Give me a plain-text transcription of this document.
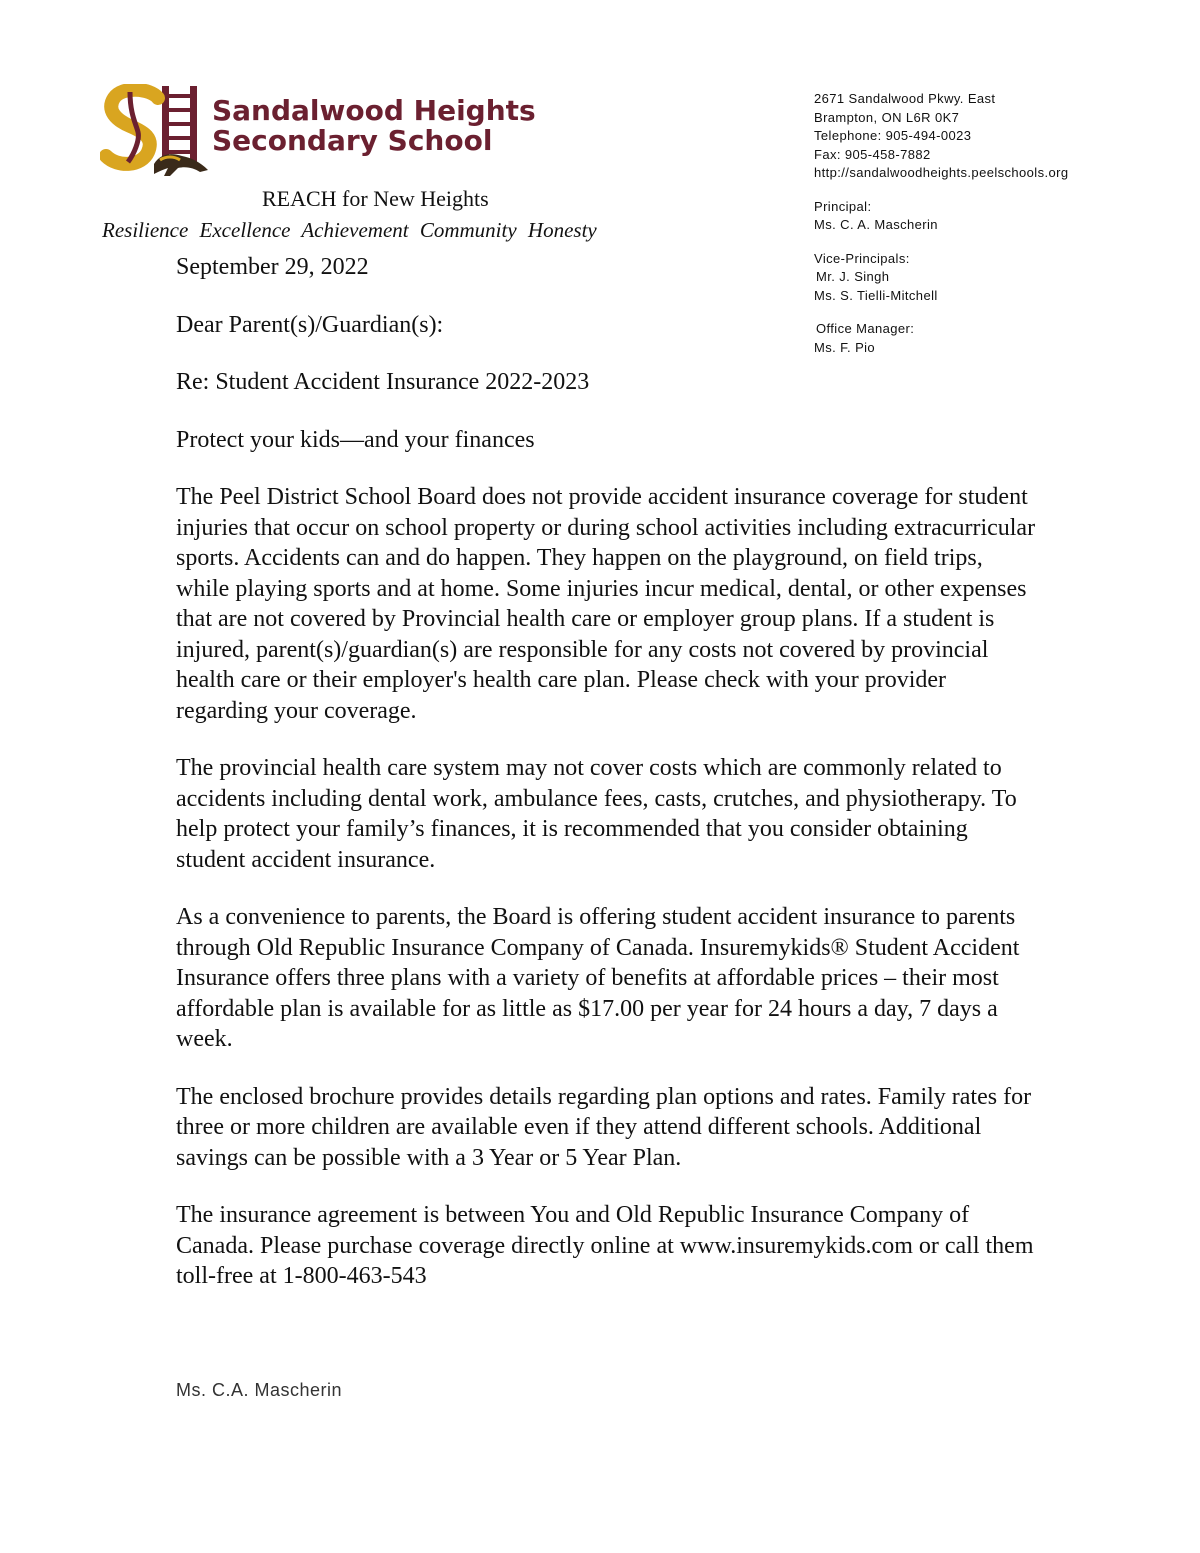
Sandalwood Heights
Secondary School
REACH for New Heights
Resilience Excellence Achievement Community Honesty
2671 Sandalwood Pkwy. East
Brampton, ON L6R 0K7
Telephone: 905-494-0023
Fax: 905-458-7882
http://sandalwoodheights.peelschools.org
Principal:
Ms. C. A. Mascherin
Vice-Principals:
Mr. J. Singh
Ms. S. Tielli-Mitchell
Office Manager:
Ms. F. Pio

September 29, 2022

Dear Parent(s)/Guardian(s):

Re: Student Accident Insurance 2022-2023

Protect your kids—and your finances

The Peel District School Board does not provide accident insurance coverage for student injuries that occur on school property or during school activities including extracurricular sports. Accidents can and do happen. They happen on the playground, on field trips, while playing sports and at home. Some injuries incur medical, dental, or other expenses that are not covered by Provincial health care or employer group plans. If a student is injured, parent(s)/guardian(s) are responsible for any costs not covered by provincial health care or their employer's health care plan. Please check with your provider regarding your coverage.

The provincial health care system may not cover costs which are commonly related to accidents including dental work, ambulance fees, casts, crutches, and physiotherapy. To help protect your family’s finances, it is recommended that you consider obtaining student accident insurance.

As a convenience to parents, the Board is offering student accident insurance to parents through Old Republic Insurance Company of Canada. Insuremykids® Student Accident Insurance offers three plans with a variety of benefits at affordable prices – their most affordable plan is available for as little as $17.00 per year for 24 hours a day, 7 days a week.

The enclosed brochure provides details regarding plan options and rates. Family rates for three or more children are available even if they attend different schools. Additional savings can be possible with a 3 Year or 5 Year Plan.

The insurance agreement is between You and Old Republic Insurance Company of Canada. Please purchase coverage directly online at www.insuremykids.com or call them toll-free at 1-800-463-543

Ms. C.A. Mascherin
